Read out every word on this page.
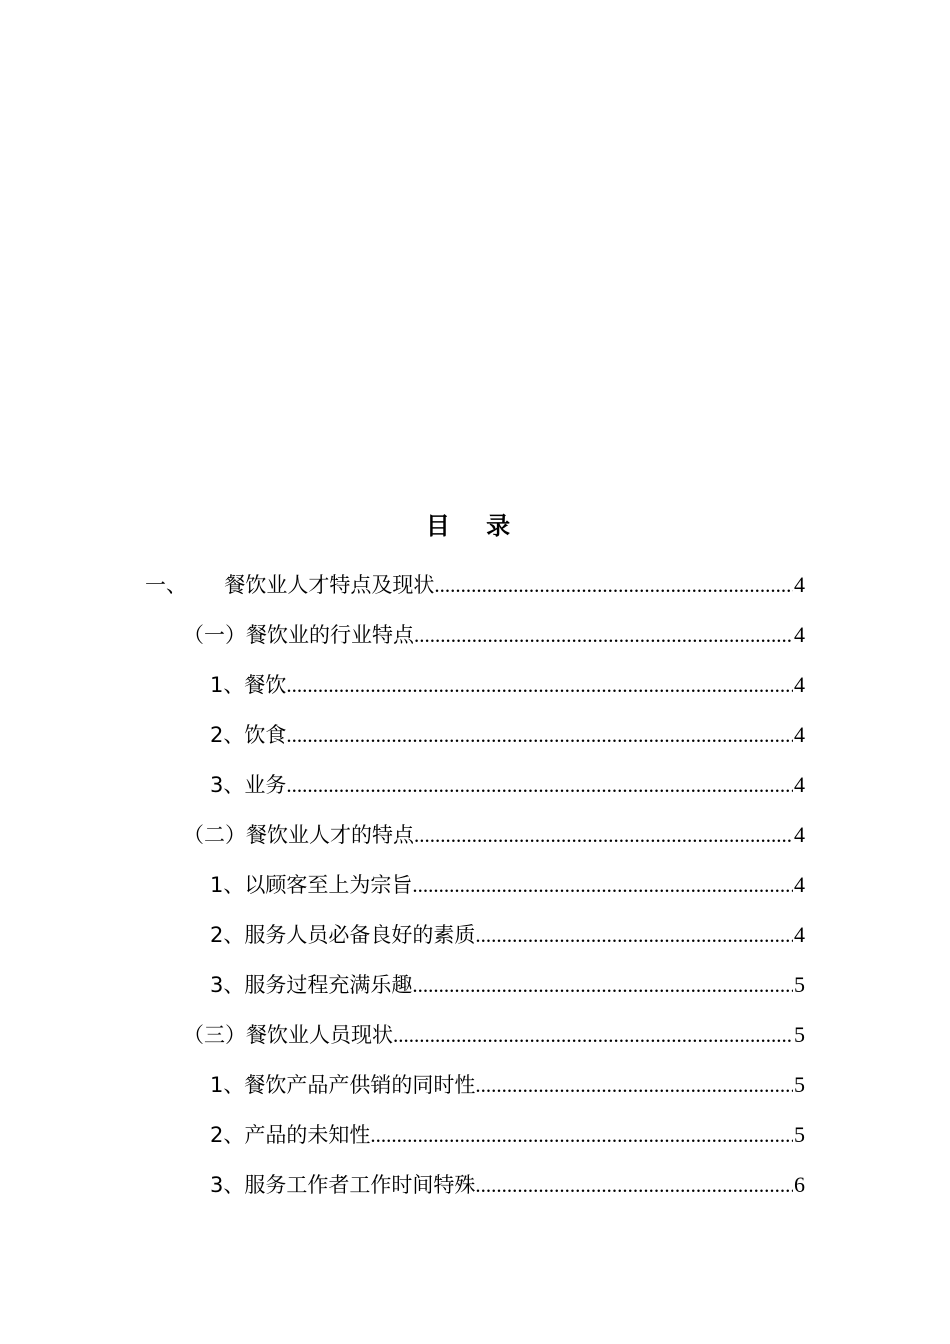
目 录
一、	餐饮业人才特点及现状 .....	4
（一）餐饮业的行业特点 .....	4
1、 餐饮 .....	4
2、 饮食 .....	4
3、 业务 .....	4
（二）餐饮业人才的特点 .....	4
1、 以顾客至上为宗旨 .....	4
2、 服务人员必备良好的素质 .....	4
3、 服务过程充满乐趣 .....	5
（三）餐饮业人员现状 .....	5
1、 餐饮产品产供销的同时性 .....	5
2、 产品的未知性 .....	5
3、 服务工作者工作时间特殊 .....	6
